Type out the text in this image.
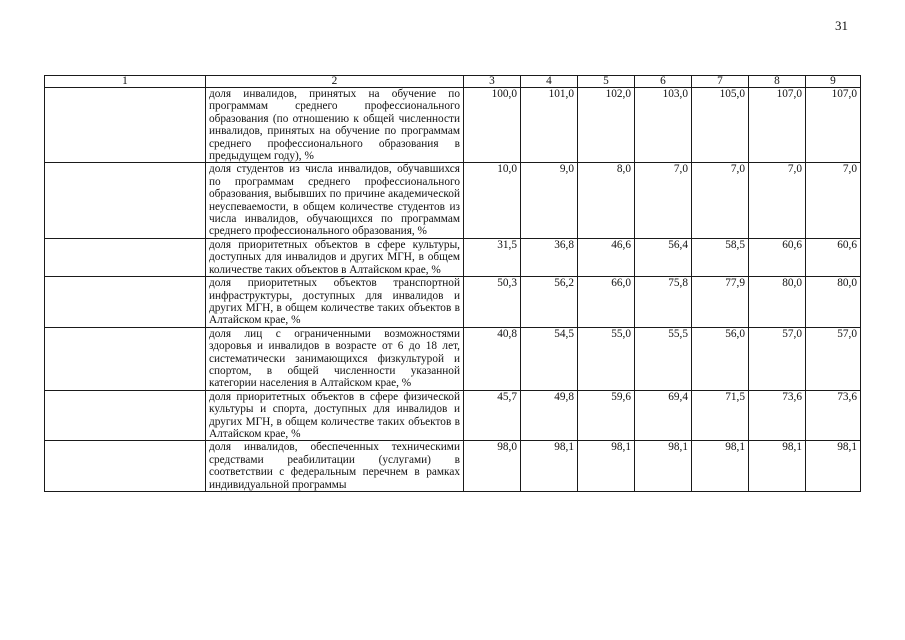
31
1	2	3	4	5	6	7	8	9
	доля инвалидов, принятых на обучение по программам среднего профессионального образования (по отношению к общей численности инвалидов, принятых на обучение по программам среднего профессионального образования в предыдущем году), %	100,0	101,0	102,0	103,0	105,0	107,0	107,0
	доля студентов из числа инвалидов, обучавшихся по программам среднего профессионального образования, выбывших по причине академической неуспеваемости, в общем количестве студентов из числа инвалидов, обучающихся по программам среднего профессионального образования, %	10,0	9,0	8,0	7,0	7,0	7,0	7,0
	доля приоритетных объектов в сфере культуры, доступных для инвалидов и других МГН, в общем количестве таких объектов в Алтайском крае, %	31,5	36,8	46,6	56,4	58,5	60,6	60,6
	доля приоритетных объектов транспортной инфраструктуры, доступных для инвалидов и других МГН, в общем количестве таких объектов в Алтайском крае, %	50,3	56,2	66,0	75,8	77,9	80,0	80,0
	доля лиц с ограниченными возможностями здоровья и инвалидов в возрасте от 6 до 18 лет, систематически занимающихся физкультурой и спортом, в общей численности указанной категории населения в Алтайском крае, %	40,8	54,5	55,0	55,5	56,0	57,0	57,0
	доля приоритетных объектов в сфере физической культуры и спорта, доступных для инвалидов и других МГН, в общем количестве таких объектов в Алтайском крае, %	45,7	49,8	59,6	69,4	71,5	73,6	73,6
	доля инвалидов, обеспеченных техническими средствами реабилитации (услугами) в соответствии с федеральным перечнем в рамках индивидуальной программы	98,0	98,1	98,1	98,1	98,1	98,1	98,1
